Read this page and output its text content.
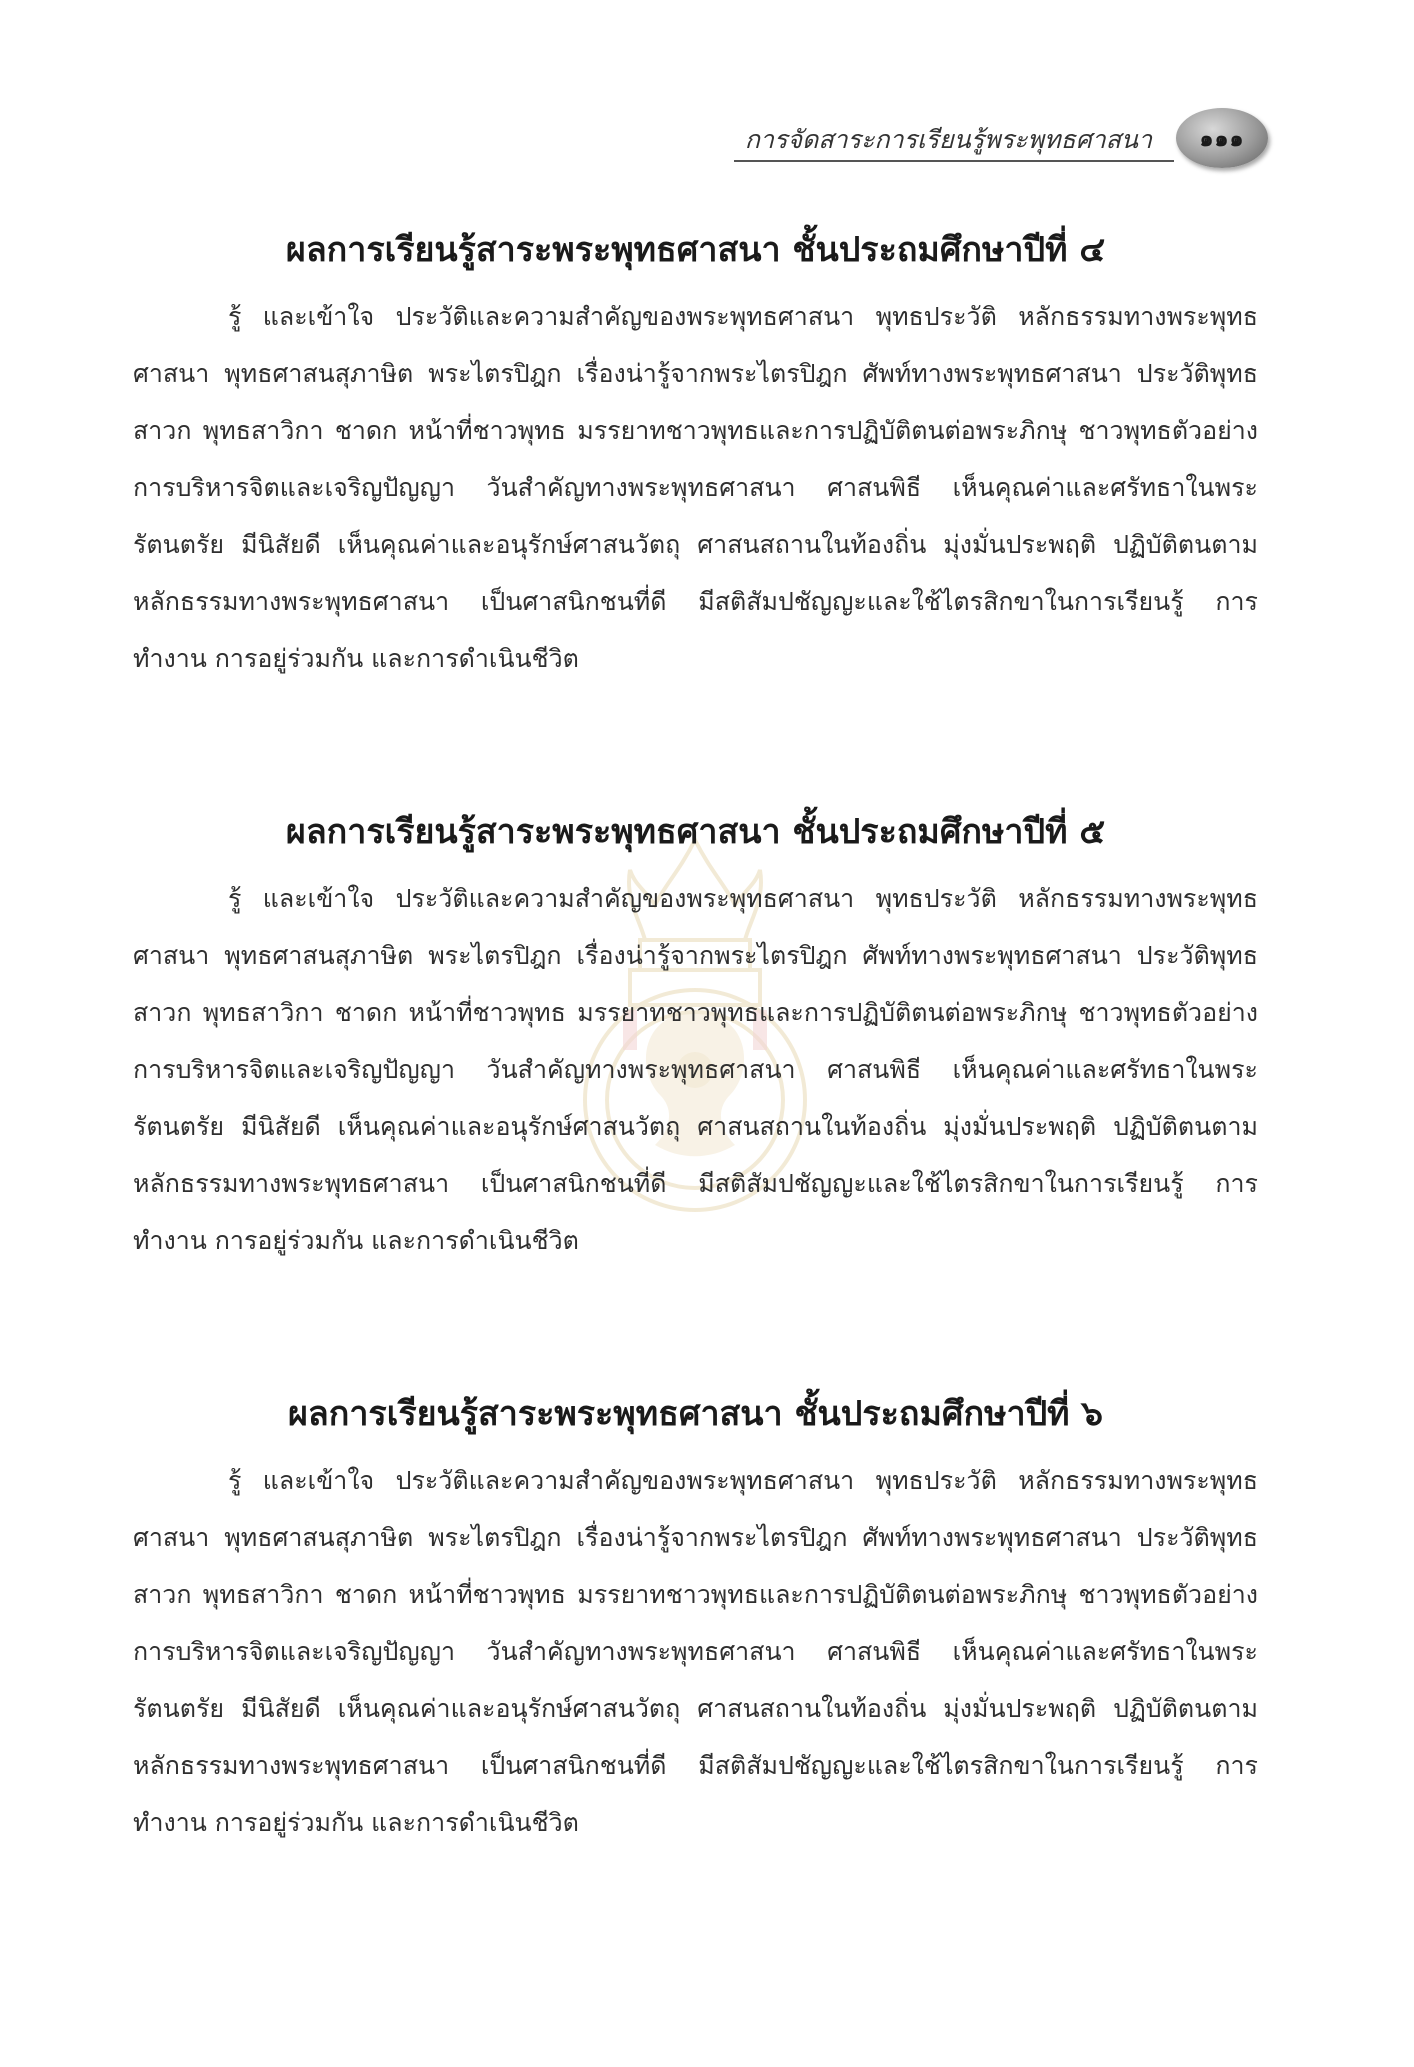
การจัดสาระการเรียนรู้พระพุทธศาสนา ๑๑๑
ผลการเรียนรู้สาระพระพุทธศาสนา ชั้นประถมศึกษาปีที่ ๔

รู้ และเข้าใจ ประวัติและความสำคัญของพระพุทธศาสนา พุทธประวัติ หลักธรรมทางพระพุทธศาสนา พุทธศาสนสุภาษิต พระไตรปิฎก เรื่องน่ารู้จากพระไตรปิฎก ศัพท์ทางพระพุทธศาสนา ประวัติพุทธสาวก พุทธสาวิกา ชาดก หน้าที่ชาวพุทธ มรรยาทชาวพุทธและการปฏิบัติตนต่อพระภิกษุ ชาวพุทธตัวอย่าง การบริหารจิตและเจริญปัญญา วันสำคัญทางพระพุทธศาสนา ศาสนพิธี เห็นคุณค่าและศรัทธาในพระรัตนตรัย มีนิสัยดี เห็นคุณค่าและอนุรักษ์ศาสนวัตถุ ศาสนสถานในท้องถิ่น มุ่งมั่นประพฤติ ปฏิบัติตนตามหลักธรรมทางพระพุทธศาสนา เป็นศาสนิกชนที่ดี มีสติสัมปชัญญะและใช้ไตรสิกขาในการเรียนรู้ การทำงาน การอยู่ร่วมกัน และการดำเนินชีวิต

ผลการเรียนรู้สาระพระพุทธศาสนา ชั้นประถมศึกษาปีที่ ๕

รู้ และเข้าใจ ประวัติและความสำคัญของพระพุทธศาสนา พุทธประวัติ หลักธรรมทางพระพุทธศาสนา พุทธศาสนสุภาษิต พระไตรปิฎก เรื่องน่ารู้จากพระไตรปิฎก ศัพท์ทางพระพุทธศาสนา ประวัติพุทธสาวก พุทธสาวิกา ชาดก หน้าที่ชาวพุทธ มรรยาทชาวพุทธและการปฏิบัติตนต่อพระภิกษุ ชาวพุทธตัวอย่าง การบริหารจิตและเจริญปัญญา วันสำคัญทางพระพุทธศาสนา ศาสนพิธี เห็นคุณค่าและศรัทธาในพระรัตนตรัย มีนิสัยดี เห็นคุณค่าและอนุรักษ์ศาสนวัตถุ ศาสนสถานในท้องถิ่น มุ่งมั่นประพฤติ ปฏิบัติตนตามหลักธรรมทางพระพุทธศาสนา เป็นศาสนิกชนที่ดี มีสติสัมปชัญญะและใช้ไตรสิกขาในการเรียนรู้ การทำงาน การอยู่ร่วมกัน และการดำเนินชีวิต

ผลการเรียนรู้สาระพระพุทธศาสนา ชั้นประถมศึกษาปีที่ ๖

รู้ และเข้าใจ ประวัติและความสำคัญของพระพุทธศาสนา พุทธประวัติ หลักธรรมทางพระพุทธศาสนา พุทธศาสนสุภาษิต พระไตรปิฎก เรื่องน่ารู้จากพระไตรปิฎก ศัพท์ทางพระพุทธศาสนา ประวัติพุทธสาวก พุทธสาวิกา ชาดก หน้าที่ชาวพุทธ มรรยาทชาวพุทธและการปฏิบัติตนต่อพระภิกษุ ชาวพุทธตัวอย่าง การบริหารจิตและเจริญปัญญา วันสำคัญทางพระพุทธศาสนา ศาสนพิธี เห็นคุณค่าและศรัทธาในพระรัตนตรัย มีนิสัยดี เห็นคุณค่าและอนุรักษ์ศาสนวัตถุ ศาสนสถานในท้องถิ่น มุ่งมั่นประพฤติ ปฏิบัติตนตามหลักธรรมทางพระพุทธศาสนา เป็นศาสนิกชนที่ดี มีสติสัมปชัญญะและใช้ไตรสิกขาในการเรียนรู้ การทำงาน การอยู่ร่วมกัน และการดำเนินชีวิต
